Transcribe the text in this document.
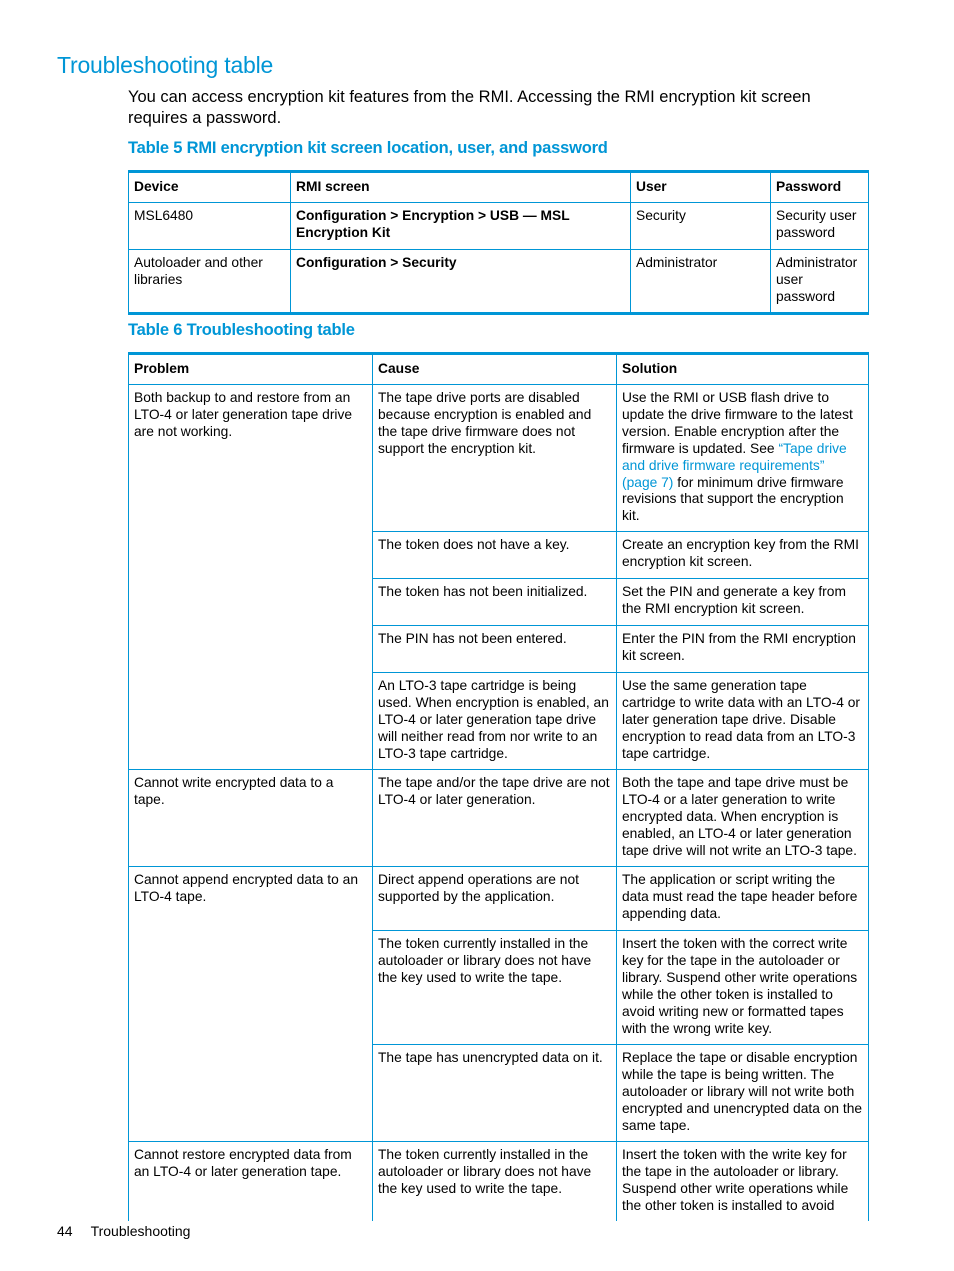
Troubleshooting table

You can access encryption kit features from the RMI. Accessing the RMI encryption kit screen requires a password.

Table 5 RMI encryption kit screen location, user, and password

Device	RMI screen	User	Password
MSL6480	Configuration > Encryption > USB — MSL Encryption Kit	Security	Security user password
Autoloader and other libraries	Configuration > Security	Administrator	Administrator user password

Table 6 Troubleshooting table

Problem	Cause	Solution
Both backup to and restore from an LTO-4 or later generation tape drive are not working.	The tape drive ports are disabled because encryption is enabled and the tape drive firmware does not support the encryption kit.	Use the RMI or USB flash drive to update the drive firmware to the latest version. Enable encryption after the firmware is updated. See “Tape drive and drive firmware requirements” (page 7) for minimum drive firmware revisions that support the encryption kit.
	The token does not have a key.	Create an encryption key from the RMI encryption kit screen.
	The token has not been initialized.	Set the PIN and generate a key from the RMI encryption kit screen.
	The PIN has not been entered.	Enter the PIN from the RMI encryption kit screen.
	An LTO-3 tape cartridge is being used. When encryption is enabled, an LTO-4 or later generation tape drive will neither read from nor write to an LTO-3 tape cartridge.	Use the same generation tape cartridge to write data with an LTO-4 or later generation tape drive. Disable encryption to read data from an LTO-3 tape cartridge.
Cannot write encrypted data to a tape.	The tape and/or the tape drive are not LTO-4 or later generation.	Both the tape and tape drive must be LTO-4 or a later generation to write encrypted data. When encryption is enabled, an LTO-4 or later generation tape drive will not write an LTO-3 tape.
Cannot append encrypted data to an LTO-4 tape.	Direct append operations are not supported by the application.	The application or script writing the data must read the tape header before appending data.
	The token currently installed in the autoloader or library does not have the key used to write the tape.	Insert the token with the correct write key for the tape in the autoloader or library. Suspend other write operations while the other token is installed to avoid writing new or formatted tapes with the wrong write key.
	The tape has unencrypted data on it.	Replace the tape or disable encryption while the tape is being written. The autoloader or library will not write both encrypted and unencrypted data on the same tape.
Cannot restore encrypted data from an LTO-4 or later generation tape.	The token currently installed in the autoloader or library does not have the key used to write the tape.	Insert the token with the write key for the tape in the autoloader or library. Suspend other write operations while the other token is installed to avoid
44 Troubleshooting
